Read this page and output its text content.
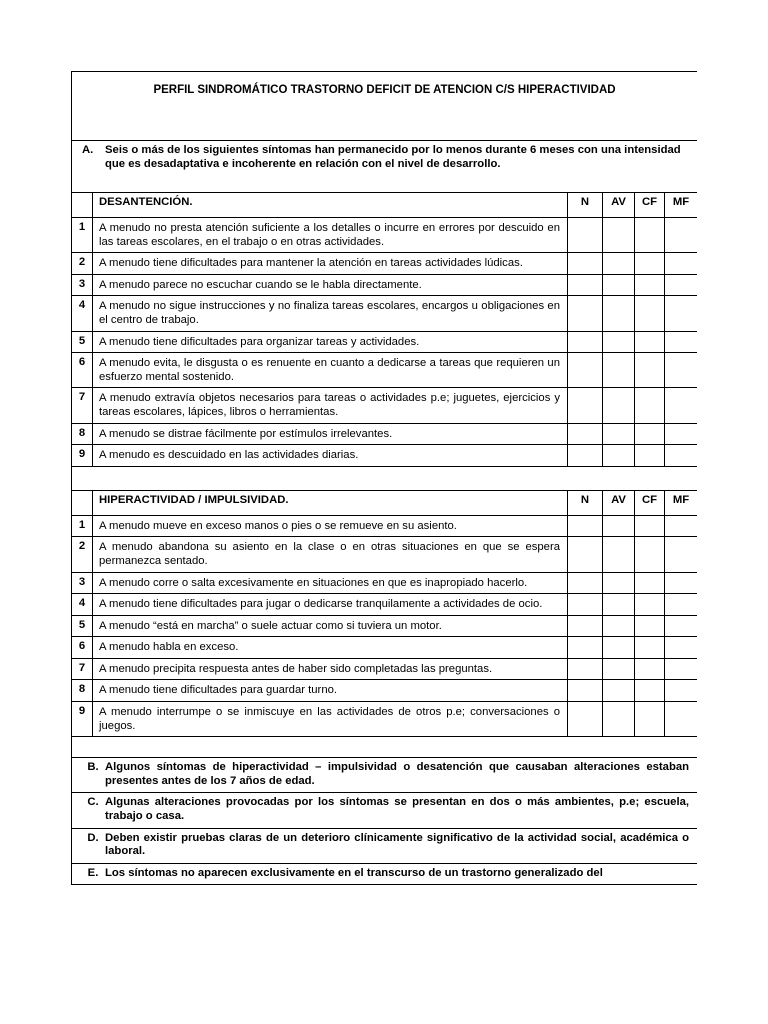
PERFIL SINDROMÁTICO TRASTORNO DEFICIT DE ATENCION C/S HIPERACTIVIDAD					
A. Seis o más de los siguientes síntomas han permanecido por lo menos durante 6 meses con una intensidad que es desadaptativa e incoherente en relación con el nivel de desarrollo.					
	DESANTENCIÓN.	N	AV	CF	MF
1	A menudo no presta atención suficiente a los detalles o incurre en errores por descuido en las tareas escolares, en el trabajo o en otras actividades.				
2	A menudo tiene dificultades para mantener la atención en tareas actividades lúdicas.				
3	A menudo parece no escuchar cuando se le habla directamente.				
4	A menudo no sigue instrucciones y no finaliza tareas escolares, encargos u obligaciones en el centro de trabajo.				
5	A menudo tiene dificultades para organizar tareas y actividades.				
6	A menudo evita, le disgusta o es renuente en cuanto a dedicarse a tareas que requieren un esfuerzo mental sostenido.				
7	A menudo extravía objetos necesarios para tareas o actividades p.e; juguetes, ejercicios y tareas escolares, lápices, libros o herramientas.				
8	A menudo se distrae fácilmente por estímulos irrelevantes.				
9	A menudo es descuidado en las actividades diarias.				

	HIPERACTIVIDAD / IMPULSIVIDAD.	N	AV	CF	MF
1	A menudo mueve en exceso manos o pies o se remueve en su asiento.				
2	A menudo abandona su asiento en la clase o en otras situaciones en que se espera permanezca sentado.				
3	A menudo corre o salta excesivamente en situaciones en que es inapropiado hacerlo.				
4	A menudo tiene dificultades para jugar o dedicarse tranquilamente a actividades de ocio.				
5	A menudo “está en marcha” o suele actuar como si tuviera un motor.				
6	A menudo habla en exceso.				
7	A menudo precipita respuesta antes de haber sido completadas las preguntas.				
8	A menudo tiene dificultades para guardar turno.				
9	A menudo interrumpe o se inmiscuye en las actividades de otros p.e; conversaciones o juegos.				

B. Algunos síntomas de hiperactividad – impulsividad o desatención que causaban alteraciones estaban presentes antes de los 7 años de edad.					
C. Algunas alteraciones provocadas por los síntomas se presentan en dos o más ambientes, p.e; escuela, trabajo o casa.					
D. Deben existir pruebas claras de un deterioro clínicamente significativo de la actividad social, académica o laboral.					
E. Los síntomas no aparecen exclusivamente en el transcurso de un trastorno generalizado del					
